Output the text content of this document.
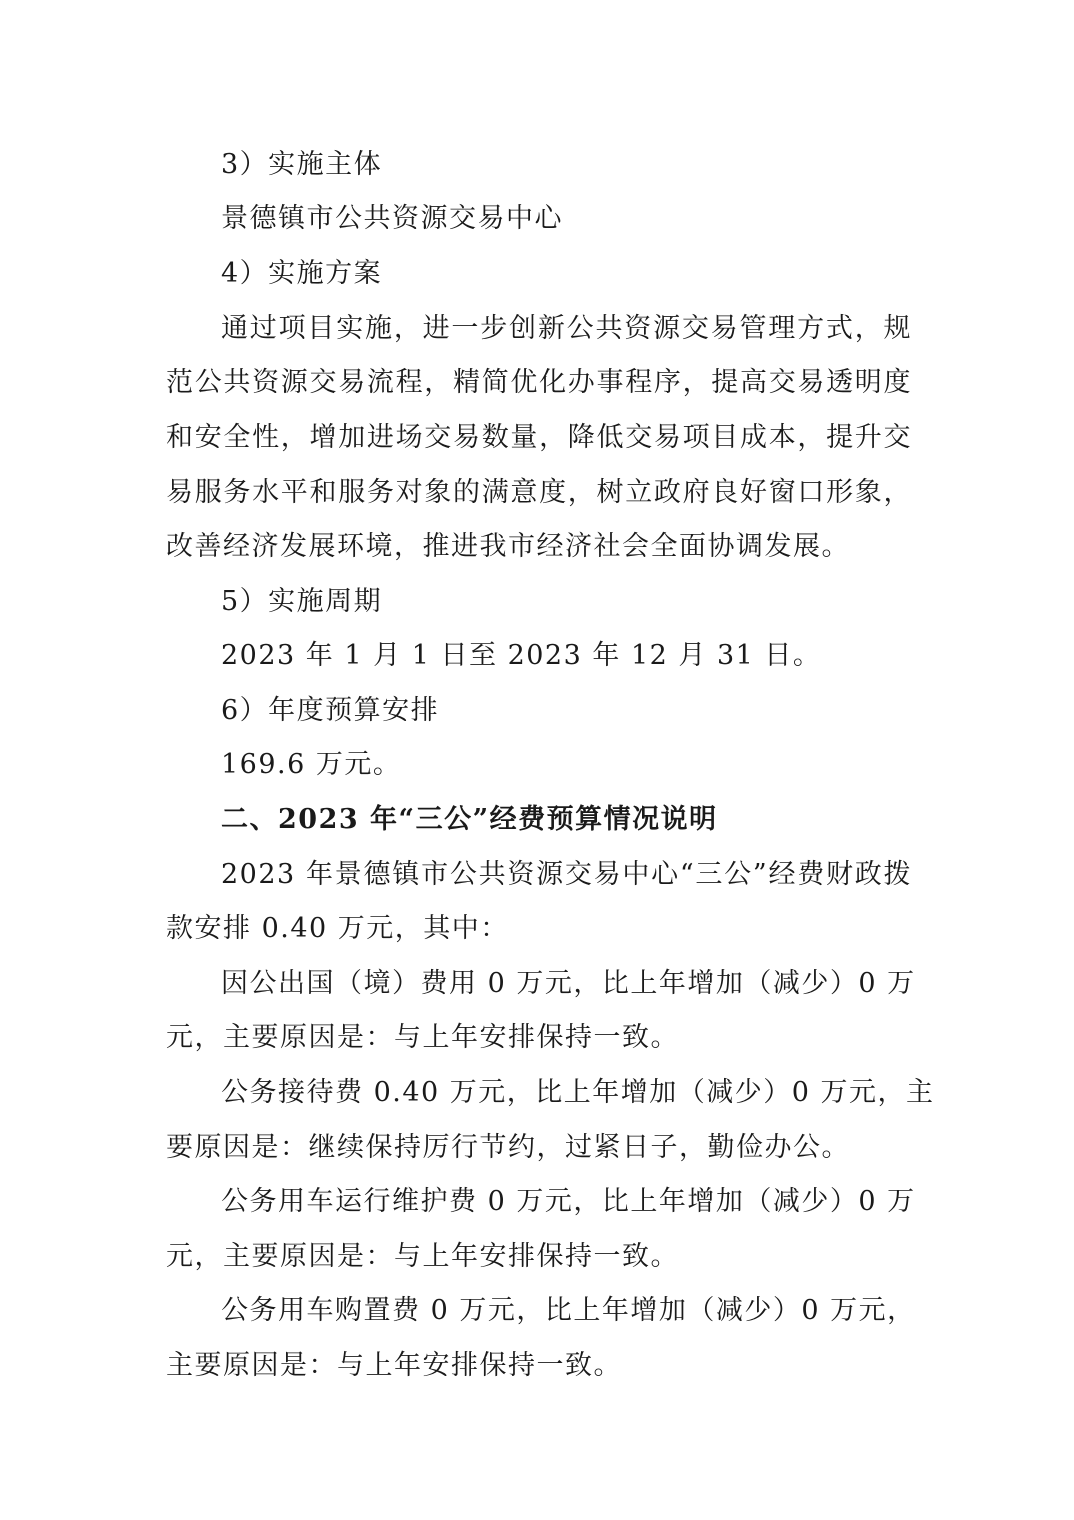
3）实施主体
景德镇市公共资源交易中心
4）实施方案
通过项目实施，进一步创新公共资源交易管理方式，规
范公共资源交易流程，精简优化办事程序，提高交易透明度
和安全性，增加进场交易数量，降低交易项目成本，提升交
易服务水平和服务对象的满意度，树立政府良好窗口形象，
改善经济发展环境，推进我市经济社会全面协调发展。
5）实施周期
2023 年 1 月 1 日至 2023 年 12 月 31 日。
6）年度预算安排
169.6 万元。
二、2023 年“三公”经费预算情况说明
2023 年景德镇市公共资源交易中心“三公”经费财政拨
款安排 0.40 万元，其中：
因公出国（境）费用 0 万元，比上年增加（减少）0 万
元，主要原因是：与上年安排保持一致。
公务接待费 0.40 万元，比上年增加（减少）0 万元，主
要原因是：继续保持厉行节约，过紧日子，勤俭办公。
公务用车运行维护费 0 万元，比上年增加（减少）0 万
元，主要原因是：与上年安排保持一致。
公务用车购置费 0 万元，比上年增加（减少）0 万元，
主要原因是：与上年安排保持一致。
